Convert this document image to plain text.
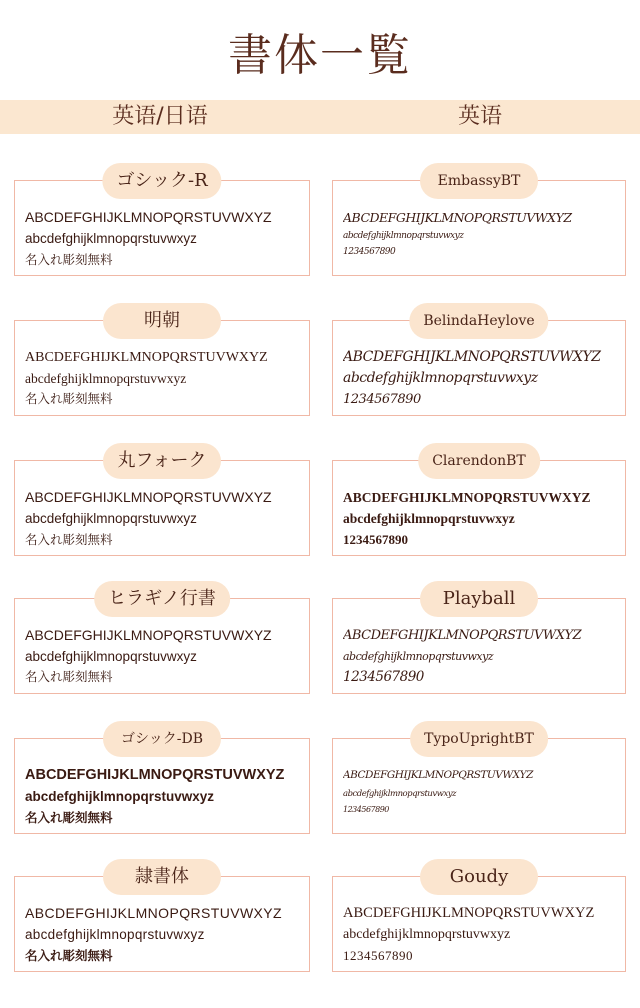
書体一覧
英语/日语	英语
ゴシック-R
ABCDEFGHIJKLMNOPQRSTUVWXYZ
abcdefghijklmnopqrstuvwxyz
名入れ彫刻無料
明朝
ABCDEFGHIJKLMNOPQRSTUVWXYZ
abcdefghijklmnopqrstuvwxyz
名入れ彫刻無料
丸フォーク
ABCDEFGHIJKLMNOPQRSTUVWXYZ
abcdefghijklmnopqrstuvwxyz
名入れ彫刻無料
ヒラギノ行書
ABCDEFGHIJKLMNOPQRSTUVWXYZ
abcdefghijklmnopqrstuvwxyz
名入れ彫刻無料
ゴシック-DB
ABCDEFGHIJKLMNOPQRSTUVWXYZ
abcdefghijklmnopqrstuvwxyz
名入れ彫刻無料
隷書体
ABCDEFGHIJKLMNOPQRSTUVWXYZ
abcdefghijklmnopqrstuvwxyz
名入れ彫刻無料
EmbassyBT
ABCDEFGHIJKLMNOPQRSTUVWXYZ
abcdefghijklmnopqrstuvwxyz
1234567890
BelindaHeylove
ABCDEFGHIJKLMNOPQRSTUVWXYZ
abcdefghijklmnopqrstuvwxyz
1234567890
ClarendonBT
ABCDEFGHIJKLMNOPQRSTUVWXYZ
abcdefghijklmnopqrstuvwxyz
1234567890
Playball
ABCDEFGHIJKLMNOPQRSTUVWXYZ
abcdefghijklmnopqrstuvwxyz
1234567890
TypoUprightBT
ABCDEFGHIJKLMNOPQRSTUVWXYZ
abcdefghijklmnopqrstuvwxyz
1234567890
Goudy
ABCDEFGHIJKLMNOPQRSTUVWXYZ
abcdefghijklmnopqrstuvwxyz
1234567890
